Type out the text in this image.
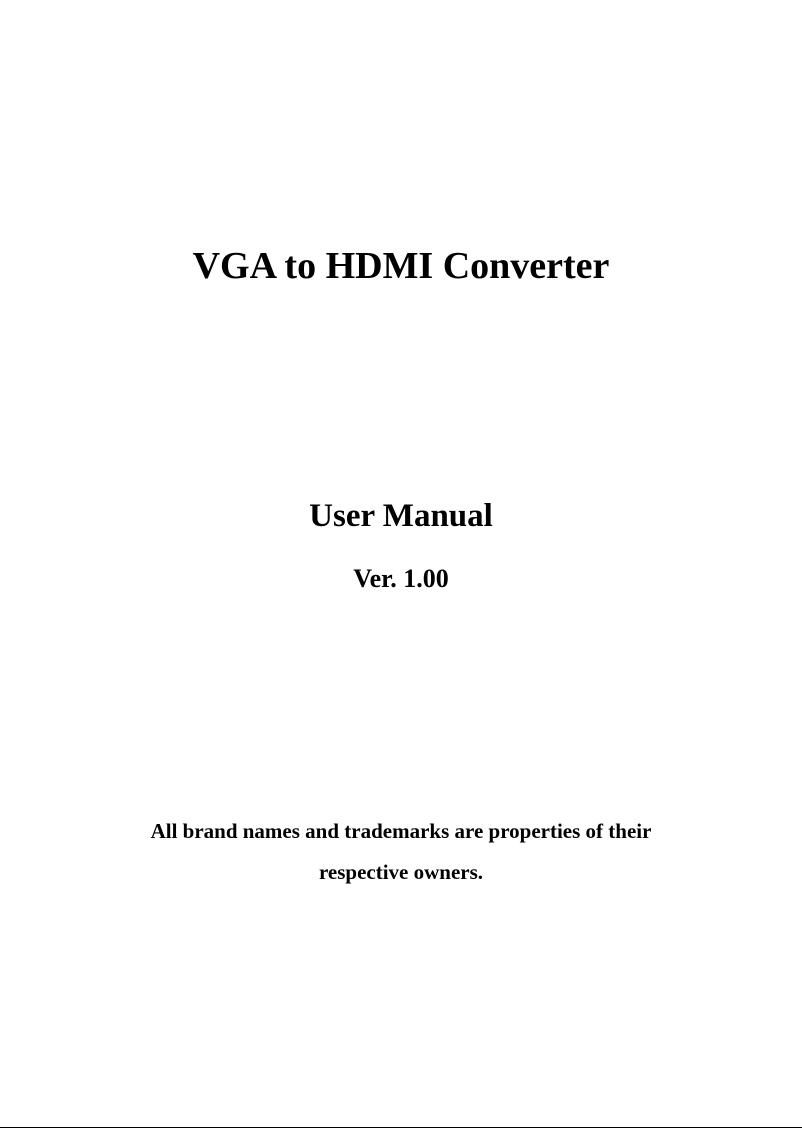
VGA to HDMI Converter
User Manual
Ver. 1.00
All brand names and trademarks are properties of their
respective owners.
